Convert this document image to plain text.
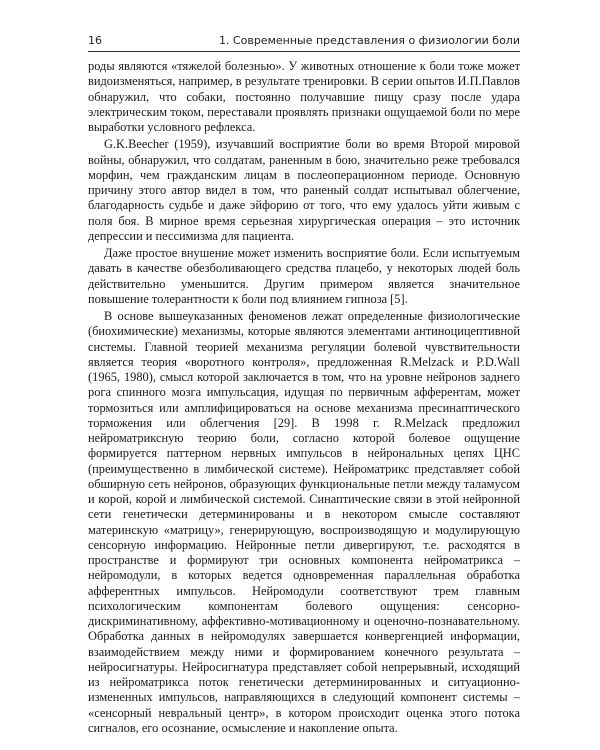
16	1. Современные представления о физиологии боли

роды являются «тяжелой болезнью». У животных отношение к боли тоже может видоизменяться, например, в результате тренировки. В серии опытов И.П.Павлов обнаружил, что собаки, постоянно получавшие пищу сразу после удара электрическим током, переставали проявлять признаки ощущаемой боли по мере выработки условного рефлекса.

G.K.Beecher (1959), изучавший восприятие боли во время Второй мировой войны, обнаружил, что солдатам, раненным в бою, значительно реже требовался морфин, чем гражданским лицам в послеоперационном периоде. Основную причину этого автор видел в том, что раненый солдат испытывал облегчение, благодарность судьбе и даже эйфорию от того, что ему удалось уйти живым с поля боя. В мирное время серьезная хирургическая операция – это источник депрессии и пессимизма для пациента.

Даже простое внушение может изменить восприятие боли. Если испытуемым давать в качестве обезболивающего средства плацебо, у некоторых людей боль действительно уменьшится. Другим примером является значительное повышение толерантности к боли под влиянием гипноза [5].

В основе вышеуказанных феноменов лежат определенные физиологические (биохимические) механизмы, которые являются элементами антиноцицептивной системы. Главной теорией механизма регуляции болевой чувствительности является теория «воротного контроля», предложенная R.Melzack и P.D.Wall (1965, 1980), смысл которой заключается в том, что на уровне нейронов заднего рога спинного мозга импульсация, идущая по первичным афферентам, может тормозиться или амплифицироваться на основе механизма пресинаптического торможения или облегчения [29]. В 1998 г. R.Melzack предложил нейроматриксную теорию боли, согласно которой болевое ощущение формируется паттерном нервных импульсов в нейрональных цепях ЦНС (преимущественно в лимбической системе). Нейроматрикс представляет собой обширную сеть нейронов, образующих функциональные петли между таламусом и корой, корой и лимбической системой. Синаптические связи в этой нейронной сети генетически детерминированы и в некотором смысле составляют материнскую «матрицу», генерирующую, воспроизводящую и модулирующую сенсорную информацию. Нейронные петли дивергируют, т.е. расходятся в пространстве и формируют три основных компонента нейроматрикса – нейромодули, в которых ведется одновременная параллельная обработка афферентных импульсов. Нейромодули соответствуют трем главным психологическим компонентам болевого ощущения: сенсорно-дискриминативному, аффективно-мотивационному и оценочно-познавательному. Обработка данных в нейромодулях завершается конвергенцией информации, взаимодействием между ними и формированием конечного результата – нейросигнатуры. Нейросигнатура представляет собой непрерывный, исходящий из нейроматрикса поток генетически детерминированных и ситуационно-измененных импульсов, направляющихся в следующий компонент системы – «сенсорный невральный центр», в котором происходит оценка этого потока сигналов, его осознание, осмысление и накопление опыта.
